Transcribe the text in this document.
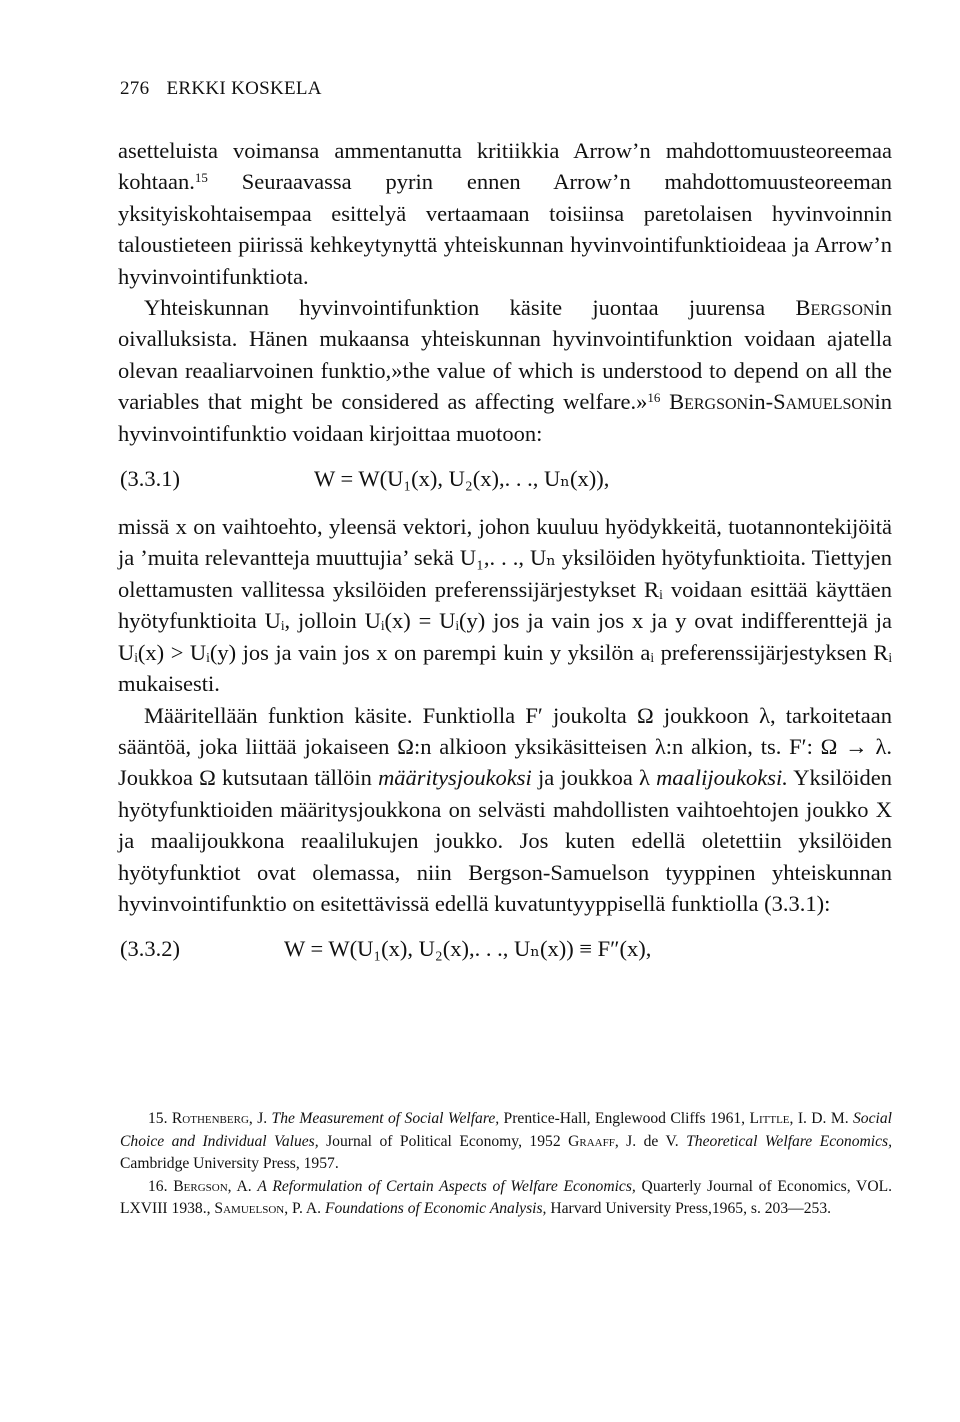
276 ERKKI KOSKELA

asetteluista voimansa ammentanutta kritiikkia Arrow’n mahdottomuusteoreemaa kohtaan.$^{15}$ Seuraavassa pyrin ennen Arrow’n mahdottomuusteoreeman yksityiskohtaisempaa esittelyä vertaamaan toisiinsa paretolaisen hyvinvoinnin taloustieteen piirissä kehkeytynyttä yhteiskunnan hyvinvointifunktioideaa ja Arrow’n hyvinvointifunktiota.

Yhteiskunnan hyvinvointifunktion käsite juontaa juurensa Bergsonin oivalluksista. Hänen mukaansa yhteiskunnan hyvinvointifunktion voidaan ajatella olevan reaaliarvoinen funktio,»the value of which is understood to depend on all the variables that might be considered as affecting welfare.»$^{16}$ Bergsonin-Samuelsonin hyvinvointifunktio voidaan kirjoittaa muotoon:

(3.3.1)	W = W(U₁(x), U₂(x),. . ., Uₙ(x)),

missä x on vaihtoehto, yleensä vektori, johon kuuluu hyödykkeitä, tuotannontekijöitä ja ’muita relevantteja muuttujia’ sekä U₁,. . ., Uₙ yksilöiden hyötyfunktioita. Tiettyjen olettamusten vallitessa yksilöiden preferenssijärjestykset Rᵢ voidaan esittää käyttäen hyötyfunktioita Uᵢ, jolloin Uᵢ(x) = Uᵢ(y) jos ja vain jos x ja y ovat indifferenttejä ja Uᵢ(x) > Uᵢ(y) jos ja vain jos x on parempi kuin y yksilön aᵢ preferenssijärjestyksen Rᵢ mukaisesti.

Määritellään funktion käsite. Funktiolla F′ joukolta Ω joukkoon λ, tarkoitetaan sääntöä, joka liittää jokaiseen Ω:n alkioon yksikäsitteisen λ:n alkion, ts. F′: Ω → λ. Joukkoa Ω kutsutaan tällöin määritysjoukoksi ja joukkoa λ maalijoukoksi. Yksilöiden hyötyfunktioiden määritysjoukkona on selvästi mahdollisten vaihtoehtojen joukko X ja maalijoukkona reaalilukujen joukko. Jos kuten edellä oletettiin yksilöiden hyötyfunktiot ovat olemassa, niin Bergson-Samuelson tyyppinen yhteiskunnan hyvinvointifunktio on esitettävissä edellä kuvatuntyyppisellä funktiolla (3.3.1):

(3.3.2)	W = W(U₁(x), U₂(x),. . ., Uₙ(x)) ≡ F″(x),

15. Rothenberg, J. The Measurement of Social Welfare, Prentice-Hall, Englewood Cliffs 1961, Little, I. D. M. Social Choice and Individual Values, Journal of Political Economy, 1952 Graaff, J. de V. Theoretical Welfare Economics, Cambridge University Press, 1957.

16. Bergson, A. A Reformulation of Certain Aspects of Welfare Economics, Quarterly Journal of Economics, VOL. LXVIII 1938., Samuelson, P. A. Foundations of Economic Analysis, Harvard University Press,1965, s. 203—253.
